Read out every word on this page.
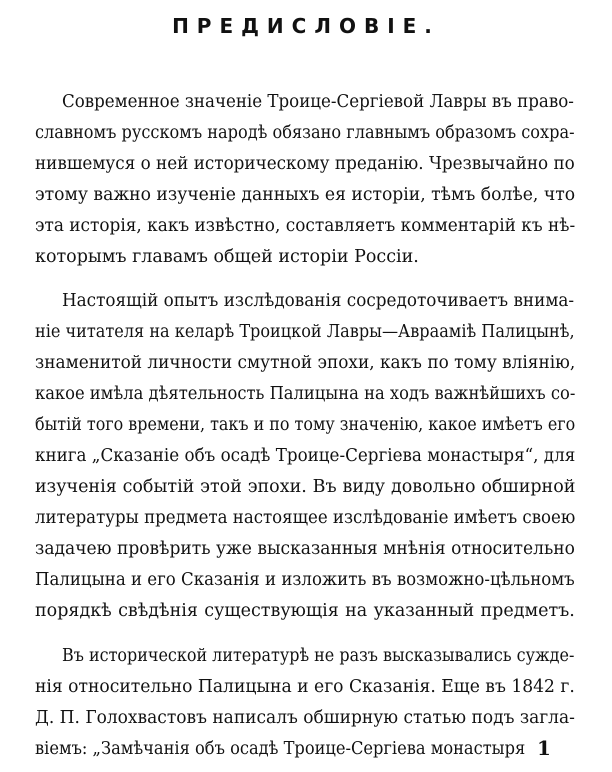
ПРЕДИСЛОВIЕ.
Современное значенiе Троице-Сергiевой Лавры въ право-
славномъ русскомъ народѣ обязано главнымъ образомъ сохра-
нившемуся о ней историческому преданiю. Чрезвычайно по
этому важно изученiе данныхъ ея исторiи, тѣмъ болѣе, что
эта исторiя, какъ извѣстно, составляетъ комментарiй къ нѣ-
которымъ главамъ общей исторiи Россiи.
Настоящiй опытъ изслѣдованiя сосредоточиваетъ внима-
нiе читателя на келарѣ Троицкой Лавры—Авраамiѣ Палицынѣ,
знаменитой личности смутной эпохи, какъ по тому влiянiю,
какое имѣла дѣятельность Палицына на ходъ важнѣйшихъ со-
бытiй того времени, такъ и по тому значенiю, какое имѣетъ его
книга „Сказанiе объ осадѣ Троице-Сергiева монастыря“, для
изученiя событiй этой эпохи. Въ виду довольно обширной
литературы предмета настоящее изслѣдованiе имѣетъ своею
задачею провѣрить уже высказанныя мнѣнiя относительно
Палицына и его Сказанiя и изложить въ возможно-цѣльномъ
порядкѣ свѣдѣнiя существующiя на указанный предметъ.
Въ исторической литературѣ не разъ высказывались сужде-
нiя относительно Палицына и его Сказанiя. Еще въ 1842 г.
Д. П. Голохвастовъ написалъ обширную статью подъ загла-
вiемъ: „Замѣчанiя объ осадѣ Троице-Сергiева монастыря 1
